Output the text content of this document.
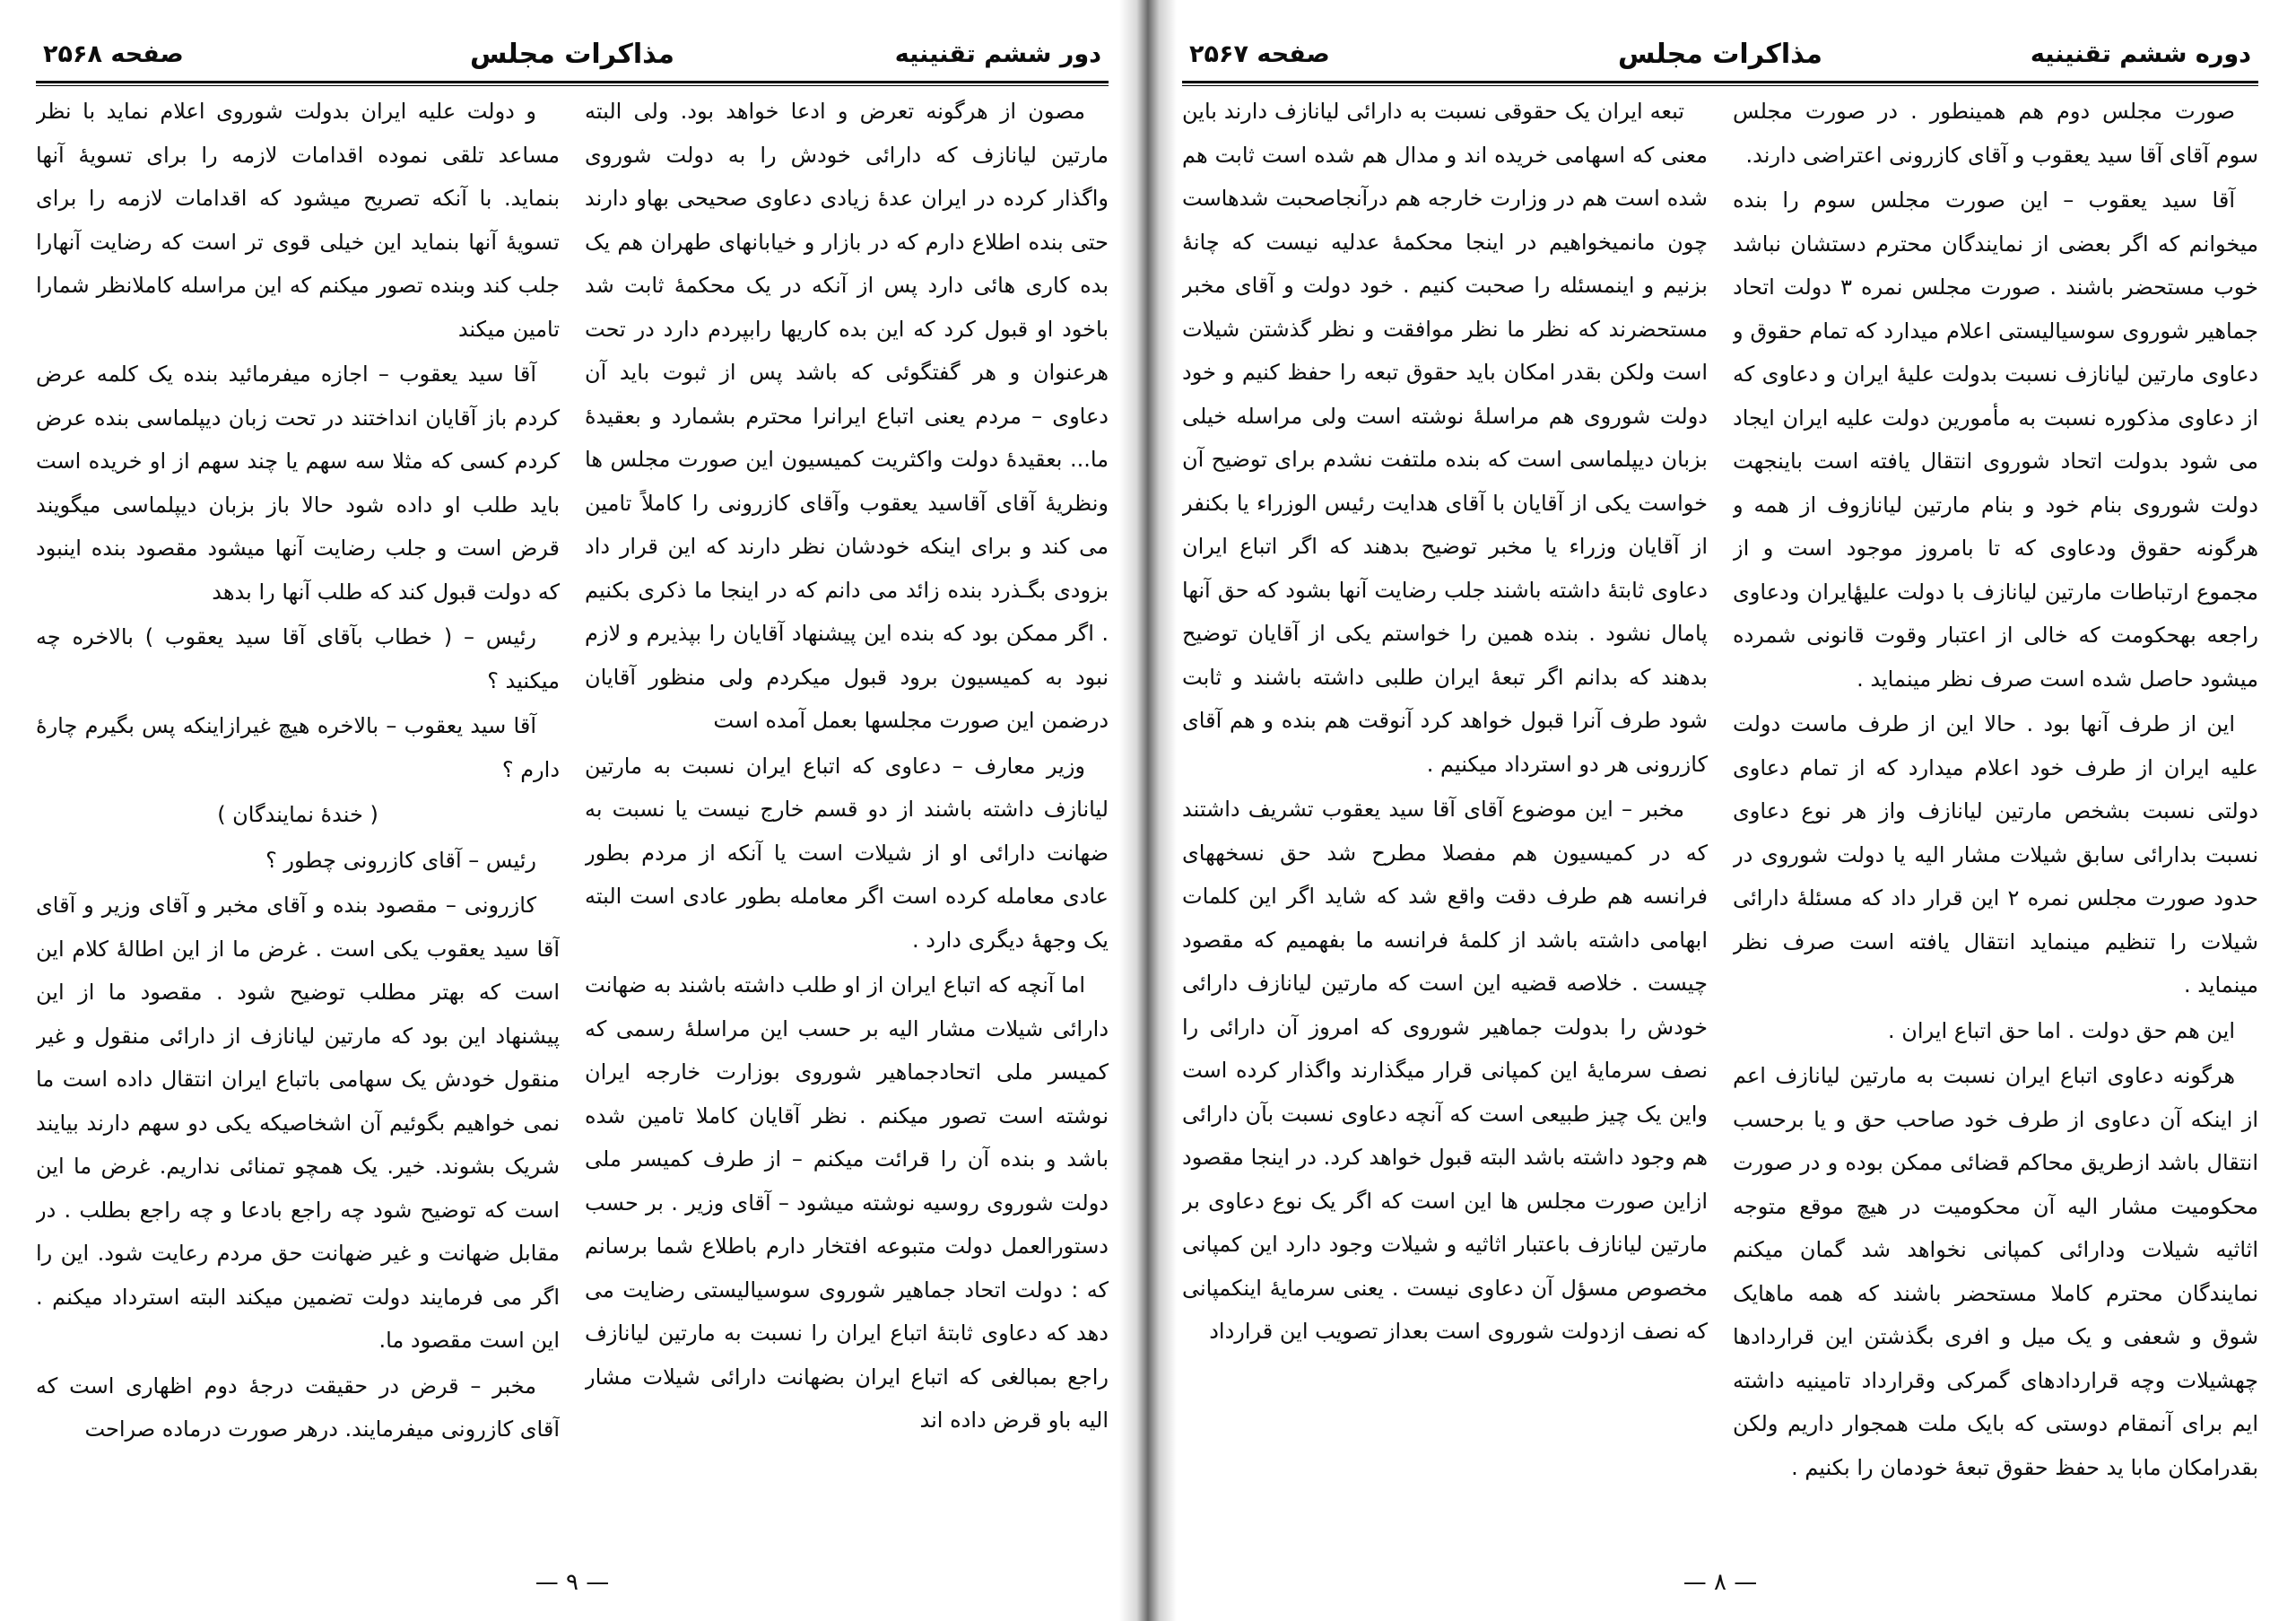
دور ششم تقنینیه
مذاکرات مجلس
صفحه ۲۵۶۸

مصون از هرگونه تعرض و ادعا خواهد بود. ولی البته مارتین لیانازف که دارائی خودش را به دولت شوروی واگذار کرده در ایران عدهٔ زیادی دعاوی صحیحی بهاو دارند حتی بنده اطلاع دارم که در بازار و خیابانهای طهران هم یک بده کاری هائی دارد پس از آنکه در یک محکمهٔ ثابت شد باخود او قبول کرد که این بده کاریها رابپردم دارد در تحت هرعنوان و هر گفتگوئی که باشد پس از ثبوت باید آن دعاوی – مردم یعنی اتباع ایرانرا محترم بشمارد و بعقیدهٔ ما... بعقیدهٔ دولت واکثریت کمیسیون این صورت مجلس ها ونظریهٔ آقای آقاسید یعقوب وآقای کازرونی را کاملاً تامین می کند و برای اینکه خودشان نظر دارند که این قرار داد بزودی بگـذرد بنده زائد می دانم که در اینجا ما ذکری بکنیم . اگر ممکن بود که بنده این پیشنهاد آقایان را بپذیرم و لازم نبود به کمیسیون برود قبول میکردم ولی منظور آقایان درضمن این صورت مجلسها بعمل آمده است

وزیر معارف – دعاوی که اتباع ایران نسبت به مارتین لیانازف داشته باشند از دو قسم خارج نیست یا نسبت به ضهانت دارائی او از شیلات است یا آنکه از مردم بطور عادی معامله کرده است اگر معامله بطور عادی است البته یک وجههٔ دیگری دارد .

اما آنچه که اتباع ایران از او طلب داشته باشند به ضهانت دارائی شیلات مشار الیه بر حسب این مراسلهٔ رسمی که کمیسر ملی اتحادجماهیر شوروی بوزارت خارجه ایران نوشته است تصور میکنم . نظر آقایان کاملا تامین شده باشد و بنده آن را قرائت میکنم – از طرف کمیسر ملی دولت شوروی روسیه نوشته میشود – آقای وزیر . بر حسب دستورالعمل دولت متبوعه افتخار دارم باطلاع شما برسانم که : دولت اتحاد جماهیر شوروی سوسیالیستی رضایت می دهد که دعاوی ثابتهٔ اتباع ایران را نسبت به مارتین لیانازف راجع بمبالغی که اتباع ایران بضهانت دارائی شیلات مشار الیه باو قرض داده اند

و دولت علیه ایران بدولت شوروی اعلام نماید با نظر مساعد تلقی نموده اقدامات لازمه را برای تسویهٔ آنها بنماید. با آنکه تصریح میشود که اقدامات لازمه را برای تسویهٔ آنها بنماید این خیلی قوی تر است که رضایت آنهارا جلب کند وبنده تصور میکنم که این مراسله کاملانظر شمارا تامین میکند

آقا سید یعقوب – اجازه میفرمائید بنده یک کلمه عرض کردم باز آقایان انداختند در تحت زبان دیپلماسی بنده عرض کردم کسی که مثلا سه سهم یا چند سهم از او خریده است باید طلب او داده شود حالا باز بزبان دیپلماسی میگویند قرض است و جلب رضایت آنها میشود مقصود بنده اینبود که دولت قبول کند که طلب آنها را بدهد

رئیس – ( خطاب بآقای آقا سید یعقوب ) بالاخره چه میکنید ؟

آقا سید یعقوب – بالاخره هیچ غیرازاینکه پس بگیرم چارهٔ دارم ؟

( خندهٔ نمایندگان )

رئیس – آقای کازرونی چطور ؟

کازرونی – مقصود بنده و آقای مخبر و آقای وزیر و آقای آقا سید یعقوب یکی است . غرض ما از این اطالهٔ کلام این است که بهتر مطلب توضیح شود . مقصود ما از این پیشنهاد این بود که مارتین لیانازف از دارائی منقول و غیر منقول خودش یک سهامی باتباع ایران انتقال داده است ما نمی خواهیم بگوئیم آن اشخاصیکه یکی دو سهم دارند بیایند شریک بشوند. خیر. یک همچو تمنائی نداریم. غرض ما این است که توضیح شود چه راجع بادعا و چه راجع بطلب . در مقابل ضهانت و غیر ضهانت حق مردم رعایت شود. این را اگر می فرمایند دولت تضمین میکند البته استرداد میکنم . این است مقصود ما.

مخبر – قرض در حقیقت درجهٔ دوم اظهاری است که آقای کازرونی میفرمایند. درهر صورت درماده صراحت

— ۹ —
دوره ششم تقنینیه
مذاکرات مجلس
صفحه ۲۵۶۷

صورت مجلس دوم هم همینطور . در صورت مجلس سوم آقای آقا سید یعقوب و آقای کازرونی اعتراضی دارند.

آقا سید یعقوب – این صورت مجلس سوم را بنده میخوانم که اگر بعضی از نمایندگان محترم دستشان نباشد خوب مستحضر باشند . صورت مجلس نمره ۳ دولت اتحاد جماهیر شوروی سوسیالیستی اعلام میدارد که تمام حقوق و دعاوی مارتین لیانازف نسبت بدولت علیهٔ ایران و دعاوی که از دعاوی مذکوره نسبت به مأمورین دولت علیه ایران ایجاد می شود بدولت اتحاد شوروی انتقال یافته است باینجهت دولت شوروی بنام خود و بنام مارتین لیانازوف از همه و هرگونه حقوق ودعاوی که تا بامروز موجود است و از مجموع ارتباطات مارتین لیانازف با دولت علیهٔایران ودعاوی راجعه بهحکومت که خالی از اعتبار وقوت قانونی شمرده میشود حاصل شده است صرف نظر مینماید .

این از طرف آنها بود . حالا این از طرف ماست دولت علیه ایران از طرف خود اعلام میدارد که از تمام دعاوی دولتی نسبت بشخص مارتین لیانازف واز هر نوع دعاوی نسبت بدارائی سابق شیلات مشار الیه یا دولت شوروی در حدود صورت مجلس نمره ۲ این قرار داد که مسئلهٔ دارائی شیلات را تنظیم مینماید انتقال یافته است صرف نظر مینماید .

این هم حق دولت . اما حق اتباع ایران .

هرگونه دعاوی اتباع ایران نسبت به مارتین لیانازف اعم از اینکه آن دعاوی از طرف خود صاحب حق و یا برحسب انتقال باشد ازطریق محاکم قضائی ممکن بوده و در صورت محکومیت مشار الیه آن محکومیت در هیچ موقع متوجه اثاثیه شیلات ودارائی کمپانی نخواهد شد گمان میکنم نمایندگان محترم کاملا مستحضر باشند که همه ماهایک شوق و شعفی و یک میل و افری بگذشتن این قراردادها چهشیلات وچه قراردادهای گمرکی وقرارداد تامینیه داشته ایم برای آنمقام دوستی که بایک ملت همجوار داریم ولکن بقدرامکان مابا ید حفظ حقوق تبعهٔ خودمان را بکنیم .

تبعه ایران یک حقوقی نسبت به دارائی لیانازف دارند باین معنی که اسهامی خریده اند و مدال هم شده است ثابت هم شده است هم در وزارت خارجه هم درآنجاصحبت شدهاست چون مانمیخواهیم در اینجا محکمهٔ عدلیه نیست که چانهٔ بزنیم و اینمسئله را صحبت کنیم . خود دولت و آقای مخبر مستحضرند که نظر ما نظر موافقت و نظر گذشتن شیلات است ولکن بقدر امکان باید حقوق تبعه را حفظ کنیم و خود دولت شوروی هم مراسلهٔ نوشته است ولی مراسله خیلی بزبان دیپلماسی است که بنده ملتفت نشدم برای توضیح آن خواست یکی از آقایان با آقای هدایت رئیس الوزراء یا بکنفر از آقایان وزراء یا مخبر توضیح بدهند که اگر اتباع ایران دعاوی ثابتهٔ داشته باشند جلب رضایت آنها بشود که حق آنها پامال نشود . بنده همین را خواستم یکی از آقایان توضیح بدهند که بدانم اگر تبعهٔ ایران طلبی داشته باشند و ثابت شود طرف آنرا قبول خواهد کرد آنوقت هم بنده و هم آقای کازرونی هر دو استرداد میکنیم .

مخبر – این موضوع آقای آقا سید یعقوب تشریف داشتند که در کمیسیون هم مفصلا مطرح شد حق نسخههای فرانسه هم طرف دقت واقع شد که شاید اگر این کلمات ابهامی داشته باشد از کلمهٔ فرانسه ما بفهمیم که مقصود چیست . خلاصه قضیه این است که مارتین لیانازف دارائی خودش را بدولت جماهیر شوروی که امروز آن دارائی را نصف سرمایهٔ این کمپانی قرار میگذارند واگذار کرده است واین یک چیز طبیعی است که آنچه دعاوی نسبت بآن دارائی هم وجود داشته باشد البته قبول خواهد کرد. در اینجا مقصود ازاین صورت مجلس ها این است که اگر یک نوع دعاوی بر مارتین لیانازف باعتبار اثاثیه و شیلات وجود دارد این کمپانی مخصوص مسؤل آن دعاوی نیست . یعنی سرمایهٔ اینکمپانی که نصف ازدولت شوروی است بعداز تصویب این قرارداد

— ۸ —
